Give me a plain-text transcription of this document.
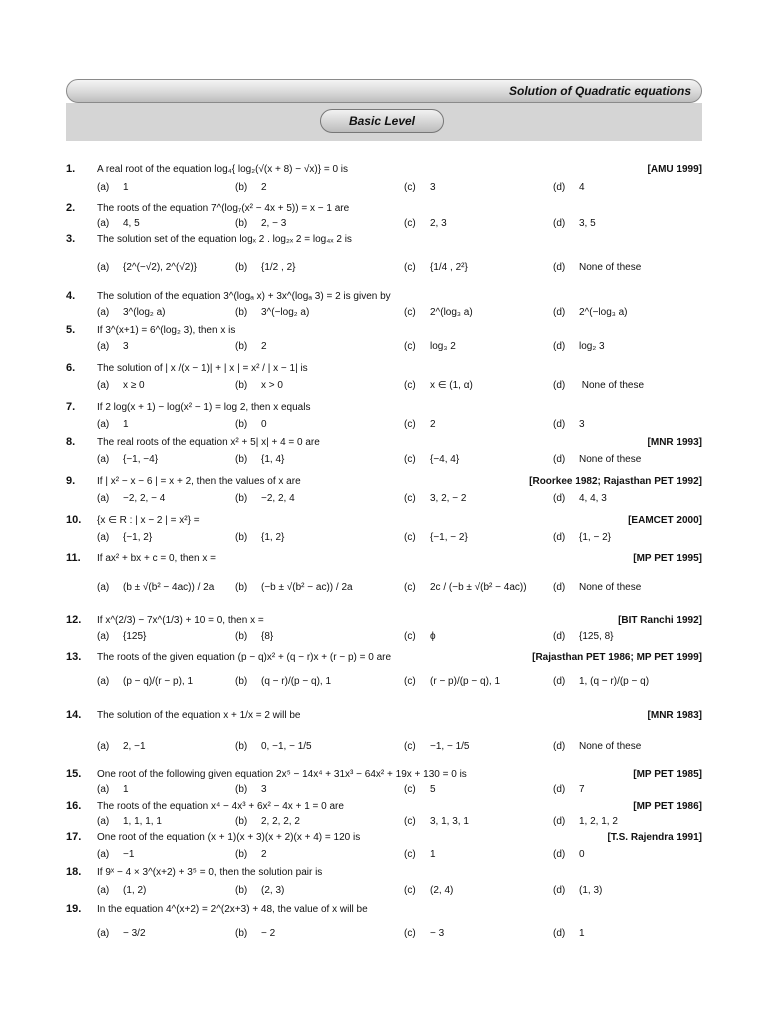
Solution of Quadratic equations
Basic Level
1. A real root of the equation log₄{ log₂(√(x + 8) − √x)} = 0 is	[AMU 1999]
(a) 1	(b) 2	(c) 3	(d) 4
2. The roots of the equation 7^(log₇(x² − 4x + 5)) = x − 1 are
(a) 4, 5	(b) 2, − 3	(c) 2, 3	(d) 3, 5
3. The solution set of the equation logₓ 2 . log₂ₓ 2 = log₄ₓ 2 is
(a) {2^(−√2), 2^(√2)}	(b) {1/2 , 2}	(c) {1/4 , 2²}	(d) None of these
4. The solution of the equation 3^(logₐ x) + 3x^(logₐ 3) = 2 is given by
(a) 3^(log₂ a)	(b) 3^(−log₂ a)	(c) 2^(log₃ a)	(d) 2^(−log₃ a)
5. If 3^(x+1) = 6^(log₂ 3), then x is
(a) 3	(b) 2	(c) log₃ 2	(d) log₂ 3
6. The solution of | x /(x − 1)| + | x | = x² / | x − 1| is
(a) x ≥ 0	(b) x > 0	(c) x ∈ (1, α)	(d) None of these
7. If 2 log(x + 1) − log(x² − 1) = log 2, then x equals
(a) 1	(b) 0	(c) 2	(d) 3
8. The real roots of the equation x² + 5| x| + 4 = 0 are	[MNR 1993]
(a) {−1, −4}	(b) {1, 4}	(c) {−4, 4}	(d) None of these
9. If | x² − x − 6 | = x + 2, then the values of x are	[Roorkee 1982; Rajasthan PET 1992]
(a) −2, 2, − 4	(b) −2, 2, 4	(c) 3, 2, − 2	(d) 4, 4, 3
10. {x ∈ R : | x − 2 | = x²} =	[EAMCET 2000]
(a) {−1, 2}	(b) {1, 2}	(c) {−1, − 2}	(d) {1, − 2}
11. If ax² + bx + c = 0, then x =	[MP PET 1995]
(a) (b ± √(b² − 4ac)) / 2a (b) (−b ± √(b² − ac)) / 2a	(c) 2c / (−b ± √(b² − 4ac))	(d) None of these
12. If x^(2/3) − 7x^(1/3) + 10 = 0, then x =	[BIT Ranchi 1992]
(a) {125}	(b) {8}	(c) ϕ	(d) {125, 8}
13. The roots of the given equation (p − q)x² + (q − r)x + (r − p) = 0 are	[Rajasthan PET 1986; MP PET 1999]
(a) (p − q)/(r − p), 1	(b) (q − r)/(p − q), 1	(c) (r − p)/(p − q), 1	(d) 1, (q − r)/(p − q)
14. The solution of the equation x + 1/x = 2 will be	[MNR 1983]
(a) 2, −1	(b) 0, −1, − 1/5	(c) −1, − 1/5	(d) None of these
15. One root of the following given equation 2x⁵ − 14x⁴ + 31x³ − 64x² + 19x + 130 = 0 is	[MP PET 1985]
(a) 1	(b) 3	(c) 5	(d) 7
16. The roots of the equation x⁴ − 4x³ + 6x² − 4x + 1 = 0 are	[MP PET 1986]
(a) 1, 1, 1, 1	(b) 2, 2, 2, 2	(c) 3, 1, 3, 1	(d) 1, 2, 1, 2
17. One root of the equation (x + 1)(x + 3)(x + 2)(x + 4) = 120 is	[T.S. Rajendra 1991]
(a) −1	(b) 2	(c) 1	(d) 0
18. If 9ˣ − 4 × 3^(x+2) + 3⁵ = 0, then the solution pair is
(a) (1, 2)	(b) (2, 3)	(c) (2, 4)	(d) (1, 3)
19. In the equation 4^(x+2) = 2^(2x+3) + 48, the value of x will be
(a) − 3/2	(b) − 2	(c) − 3	(d) 1
